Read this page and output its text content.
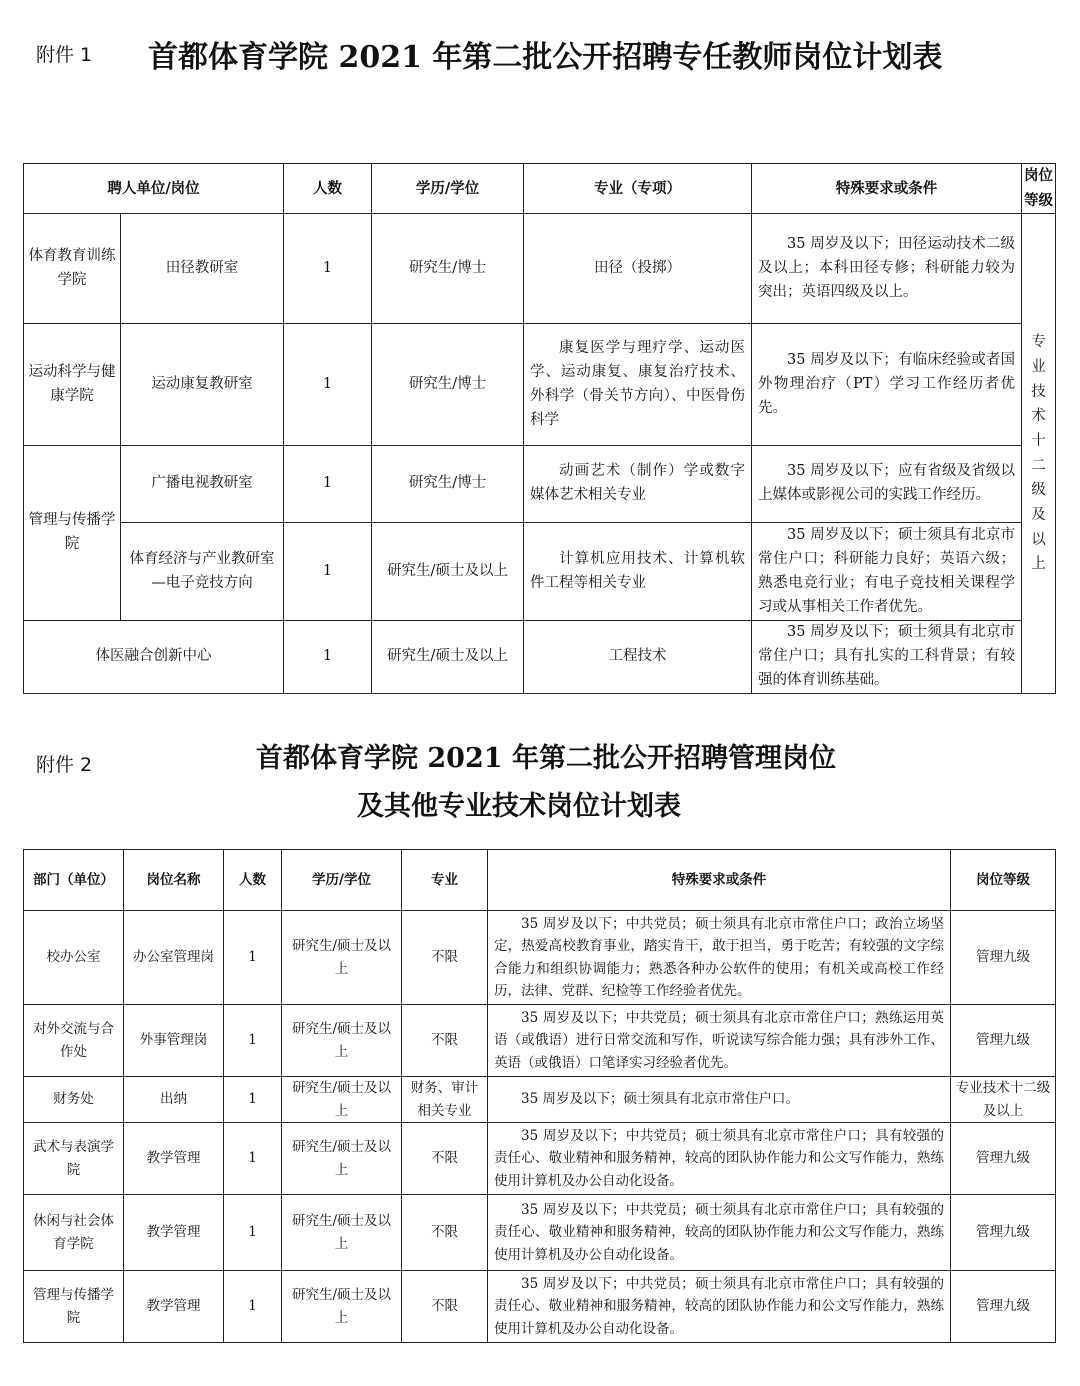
附件 1 首都体育学院 2021 年第二批公开招聘专任教师岗位计划表
聘人单位/岗位		人数	学历/学位	专业（专项）	特殊要求或条件	岗位等级
体育教育训练学院	田径教研室	1	研究生/博士	田径（投掷）	35 周岁及以下；田径运动技术二级及以上；本科田径专修；科研能力较为突出；英语四级及以上。	专业技术十二级及以上
运动科学与健康学院	运动康复教研室	1	研究生/博士	康复医学与理疗学、运动医学、运动康复、康复治疗技术、外科学（骨关节方向）、中医骨伤科学	35 周岁及以下；有临床经验或者国外物理治疗（PT）学习工作经历者优先。	
管理与传播学院	广播电视教研室	1	研究生/博士	动画艺术（制作）学或数字媒体艺术相关专业	35 周岁及以下；应有省级及省级以上媒体或影视公司的实践工作经历。	
	体育经济与产业教研室—电子竞技方向	1	研究生/硕士及以上	计算机应用技术、计算机软件工程等相关专业	35 周岁及以下；硕士须具有北京市常住户口；科研能力良好；英语六级；熟悉电竞行业；有电子竞技相关课程学习或从事相关工作者优先。	
体医融合创新中心		1	研究生/硕士及以上	工程技术	35 周岁及以下；硕士须具有北京市常住户口；具有扎实的工科背景；有较强的体育训练基础。	
附件 2	首都体育学院 2021 年第二批公开招聘管理岗位
及其他专业技术岗位计划表
部门（单位）	岗位名称	人数	学历/学位	专业	特殊要求或条件	岗位等级
校办公室	办公室管理岗	1	研究生/硕士及以上	不限	35 周岁及以下；中共党员；硕士须具有北京市常住户口；政治立场坚定，热爱高校教育事业，踏实肯干，敢于担当，勇于吃苦；有较强的文字综合能力和组织协调能力；熟悉各种办公软件的使用；有机关或高校工作经历，法律、党群、纪检等工作经验者优先。	管理九级
对外交流与合作处	外事管理岗	1	研究生/硕士及以上	不限	35 周岁及以下；中共党员；硕士须具有北京市常住户口；熟练运用英语（或俄语）进行日常交流和写作，听说读写综合能力强；具有涉外工作、英语（或俄语）口笔译实习经验者优先。	管理九级
财务处	出纳	1	研究生/硕士及以上	财务、审计相关专业	35 周岁及以下；硕士须具有北京市常住户口。	专业技术十二级及以上
武术与表演学院	教学管理	1	研究生/硕士及以上	不限	35 周岁及以下；中共党员；硕士须具有北京市常住户口；具有较强的责任心、敬业精神和服务精神，较高的团队协作能力和公文写作能力，熟练使用计算机及办公自动化设备。	管理九级
休闲与社会体育学院	教学管理	1	研究生/硕士及以上	不限	35 周岁及以下；中共党员；硕士须具有北京市常住户口；具有较强的责任心、敬业精神和服务精神，较高的团队协作能力和公文写作能力，熟练使用计算机及办公自动化设备。	管理九级
管理与传播学院	教学管理	1	研究生/硕士及以上	不限	35 周岁及以下；中共党员；硕士须具有北京市常住户口；具有较强的责任心、敬业精神和服务精神，较高的团队协作能力和公文写作能力，熟练使用计算机及办公自动化设备。	管理九级
